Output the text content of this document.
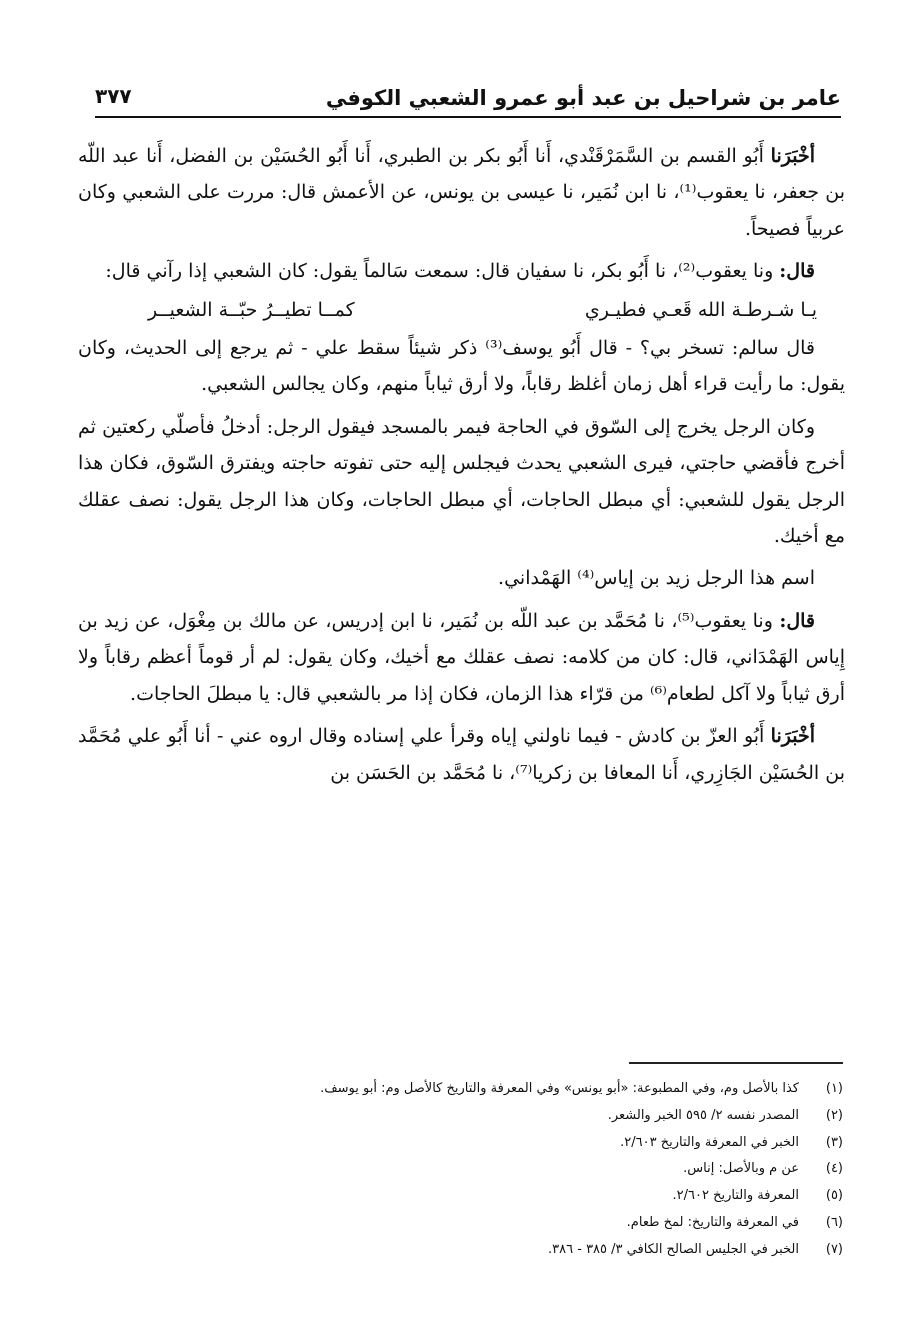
عامر بن شراحيل بن عبد أبو عمرو الشعبي الكوفي
٣٧٧

أخْبَرَنا أَبُو القسم بن السَّمَرْقَنْدي، أَنا أَبُو بكر بن الطبري، أَنا أَبُو الحُسَيْن بن الفضل، أَنا عبد اللّه بن جعفر، نا يعقوب⁽¹⁾، نا ابن نُمَير، نا عيسى بن يونس، عن الأعمش قال: مررت على الشعبي وكان عربياً فصيحاً.

قال: ونا يعقوب⁽²⁾، نا أَبُو بكر، نا سفيان قال: سمعت سَالماً يقول: كان الشعبي إذا رآني قال:

يـا شـرطـة الله قَعـي فطيـري
كمــا تطيــرُ حبّــة الشعيــر

قال سالم: تسخر بي؟ - قال أَبُو يوسف⁽³⁾ ذكر شيئاً سقط علي - ثم يرجع إلى الحديث، وكان يقول: ما رأيت قراء أهل زمان أغلظ رقاباً، ولا أرق ثياباً منهم، وكان يجالس الشعبي.

وكان الرجل يخرج إلى السّوق في الحاجة فيمر بالمسجد فيقول الرجل: أدخلُ فأصلّي ركعتين ثم أخرج فأقضي حاجتي، فيرى الشعبي يحدث فيجلس إليه حتى تفوته حاجته ويفترق السّوق، فكان هذا الرجل يقول للشعبي: أي مبطل الحاجات، أي مبطل الحاجات، وكان هذا الرجل يقول: نصف عقلك مع أخيك.

اسم هذا الرجل زيد بن إياس⁽⁴⁾ الهَمْداني.

قال: ونا يعقوب⁽⁵⁾، نا مُحَمَّد بن عبد اللّه بن نُمَير، نا ابن إدريس، عن مالك بن مِغْوَل، عن زيد بن إِياس الهَمْدَاني، قال: كان من كلامه: نصف عقلك مع أخيك، وكان يقول: لم أر قوماً أعظم رقاباً ولا أرق ثياباً ولا آكل لطعام⁽⁶⁾ من قرّاء هذا الزمان، فكان إذا مر بالشعبي قال: يا مبطلَ الحاجات.

أخْبَرَنا أَبُو العزّ بن كادش - فيما ناولني إياه وقرأ علي إسناده وقال اروه عني - أنا أَبُو علي مُحَمَّد بن الحُسَيْن الجَازِري، أَنا المعافا بن زكريا⁽⁷⁾، نا مُحَمَّد بن الحَسَن بن

(١)
كذا بالأصل وم، وفي المطبوعة: «أبو يونس» وفي المعرفة والتاريخ كالأصل وم: أبو يوسف.
(٢)
المصدر نفسه ٢/ ٥٩٥ الخبر والشعر.
(٣)
الخبر في المعرفة والتاريخ ٢/٦٠٣.
(٤)
عن م وبالأصل: إناس.
(٥)
المعرفة والتاريخ ٢/٦٠٢.
(٦)
في المعرفة والتاريخ: لمخ طعام.
(٧)
الخبر في الجليس الصالح الكافي ٣/ ٣٨٥ - ٣٨٦.
